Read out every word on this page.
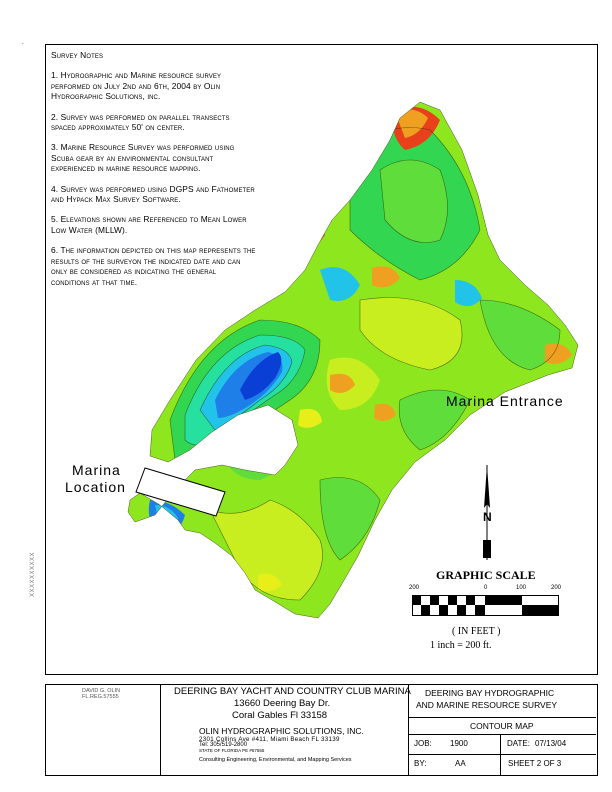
.
XXXXXXXXXX
Survey Notes

1. Hydrographic and Marine resource survey performed on July 2nd and 6th, 2004 by Olin Hydrographic Solutions, inc.

2. Survey was performed on parallel transects spaced approximately 50' on center.

3. Marine Resource Survey was performed using Scuba gear by an environmental consultant experienced in marine resource mapping.

4. Survey was performed using DGPS and Fathometer and Hypack Max Survey Software.

5. Elevations shown are Referenced to Mean Lower Low Water (MLLW).

6. The information depicted on this map represents the results of the surveyon the indicated date and can only be considered as indicating the general conditions at that time.

Marina Entrance
Marina
Location
N
GRAPHIC SCALE
200	0	100	200
( IN FEET )
1 inch = 200 ft.
DAVID G. OLIN
FL.REG.57555	DEERING BAY YACHT AND COUNTRY CLUB MARINA
13660 Deering Bay Dr.
Coral Gables Fl 33158
OLIN HYDROGRAPHIC SOLUTIONS, INC.
2301 Collins Ave #411, Miami Beach FL 33139
Tel: 305/519-2800
STATE OF FLORIDA PE #57555
Consulting Engineering, Environmental, and Mapping Services
DEERING BAY HYDROGRAPHIC
AND MARINE RESOURCE SURVEY
CONTOUR MAP
JOB: 1900	DATE: 07/13/04
BY:	AA	SHEET 2 OF 3
